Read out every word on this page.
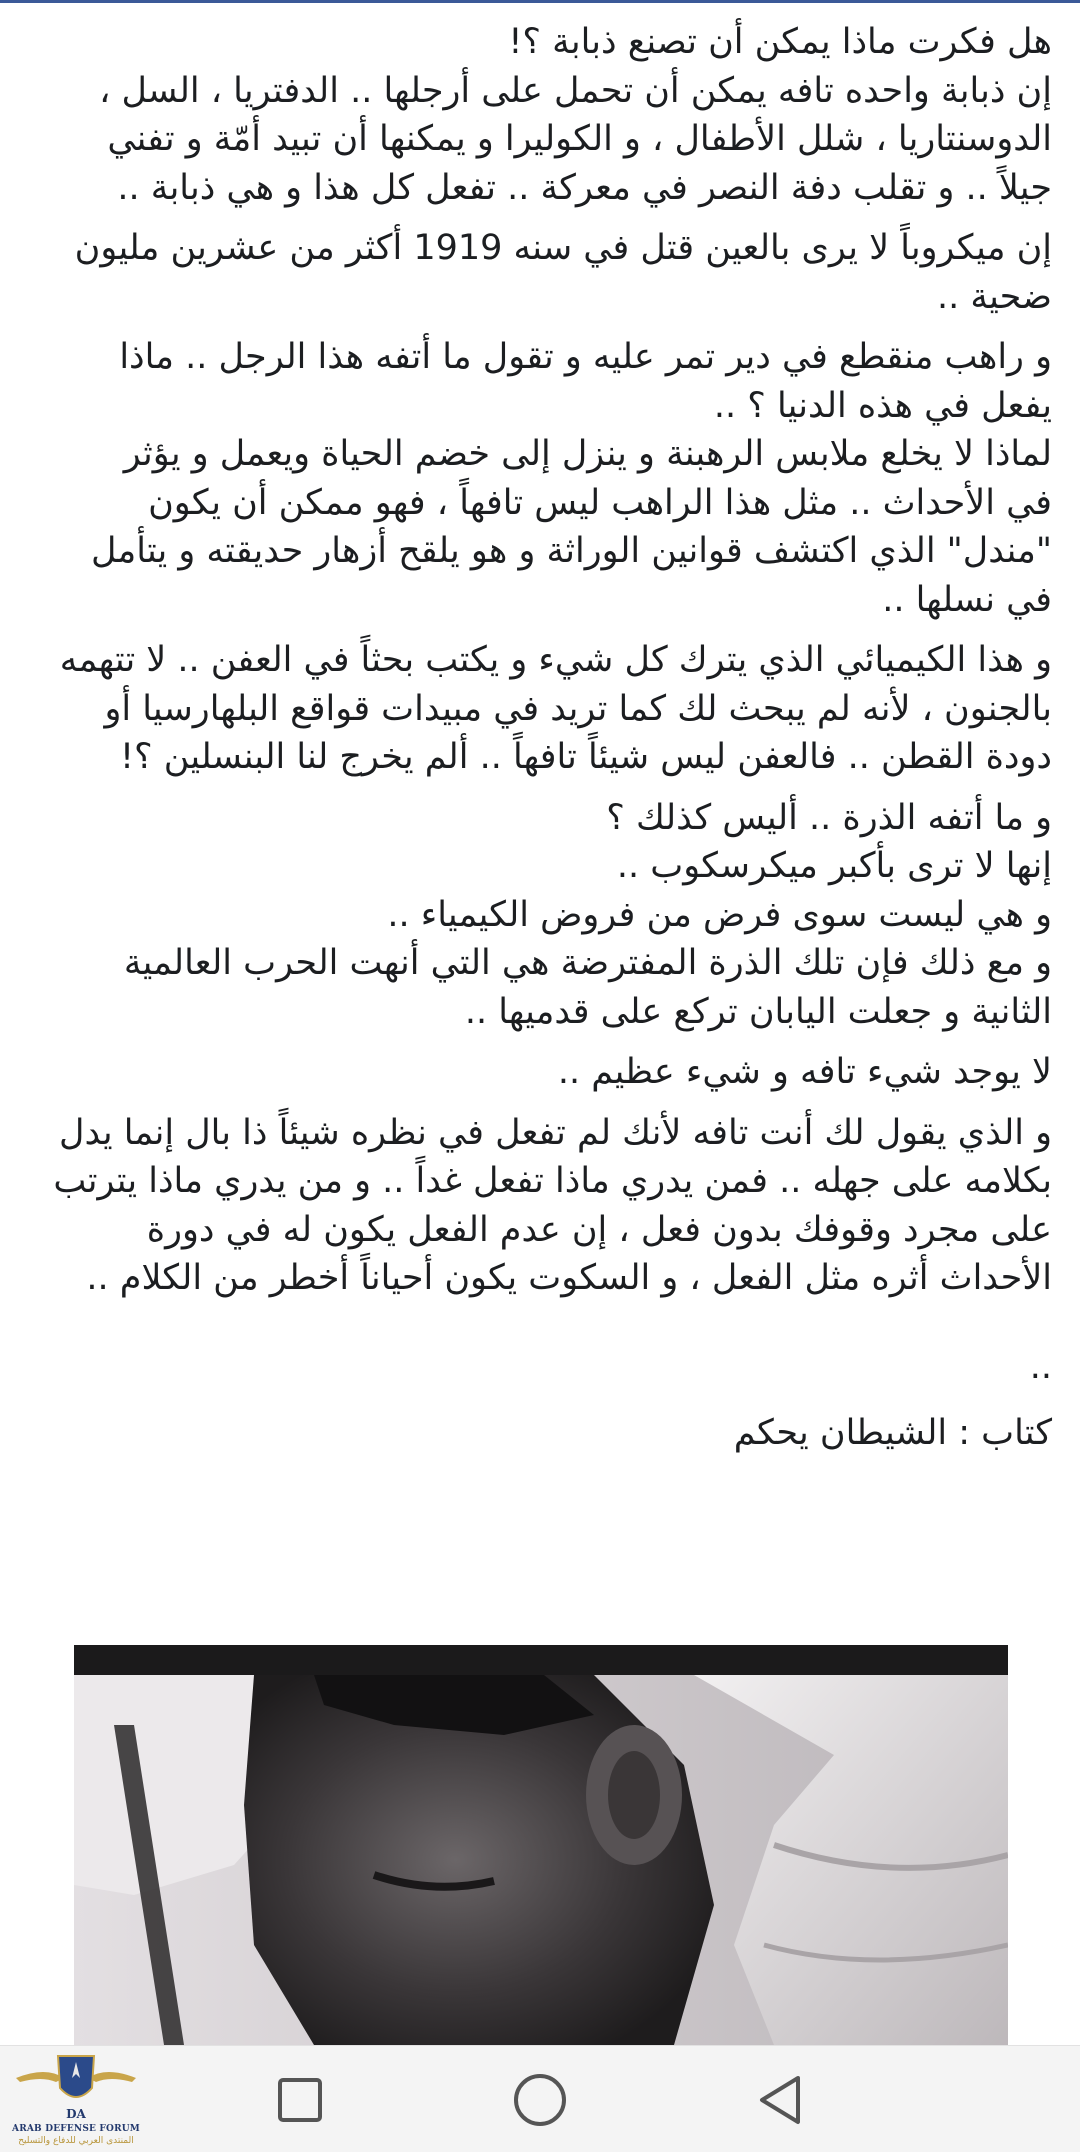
هل فكرت ماذا يمكن أن تصنع ذبابة ؟!

إن ذبابة واحده تافه يمكن أن تحمل على أرجلها .. الدفتريا ، السل ،

الدوسنتاريا ، شلل الأطفال ، و الكوليرا و يمكنها أن تبيد أمّة و تفني

جيلاً .. و تقلب دفة النصر في معركة .. تفعل كل هذا و هي ذبابة ..

إن ميكروباً لا يرى بالعين قتل في سنه 1919 أكثر من عشرين مليون

ضحية ..

و راهب منقطع في دير تمر عليه و تقول ما أتفه هذا الرجل .. ماذا

يفعل في هذه الدنيا ؟ ..

لماذا لا يخلع ملابس الرهبنة و ينزل إلى خضم الحياة ويعمل و يؤثر

في الأحداث .. مثل هذا الراهب ليس تافهاً ، فهو ممكن أن يكون

"مندل" الذي اكتشف قوانين الوراثة و هو يلقح أزهار حديقته و يتأمل

في نسلها ..

و هذا الكيميائي الذي يترك كل شيء و يكتب بحثاً في العفن .. لا تتهمه

بالجنون ، لأنه لم يبحث لك كما تريد في مبيدات قواقع البلهارسيا أو

دودة القطن .. فالعفن ليس شيئاً تافهاً .. ألم يخرج لنا البنسلين ؟!

و ما أتفه الذرة .. أليس كذلك ؟

إنها لا ترى بأكبر ميكرسكوب ..

و هي ليست سوى فرض من فروض الكيمياء ..

و مع ذلك فإن تلك الذرة المفترضة هي التي أنهت الحرب العالمية

الثانية و جعلت اليابان تركع على قدميها ..

لا يوجد شيء تافه و شيء عظيم ..

و الذي يقول لك أنت تافه لأنك لم تفعل في نظره شيئاً ذا بال إنما يدل

بكلامه على جهله .. فمن يدري ماذا تفعل غداً .. و من يدري ماذا يترتب

على مجرد وقوفك بدون فعل ، إن عدم الفعل يكون له في دورة

الأحداث أثره مثل الفعل ، و السكوت يكون أحياناً أخطر من الكلام ..

..

كتاب : الشيطان يحكم

DA
ARAB DEFENSE FORUM
المنتدى العربي للدفاع والتسليح
